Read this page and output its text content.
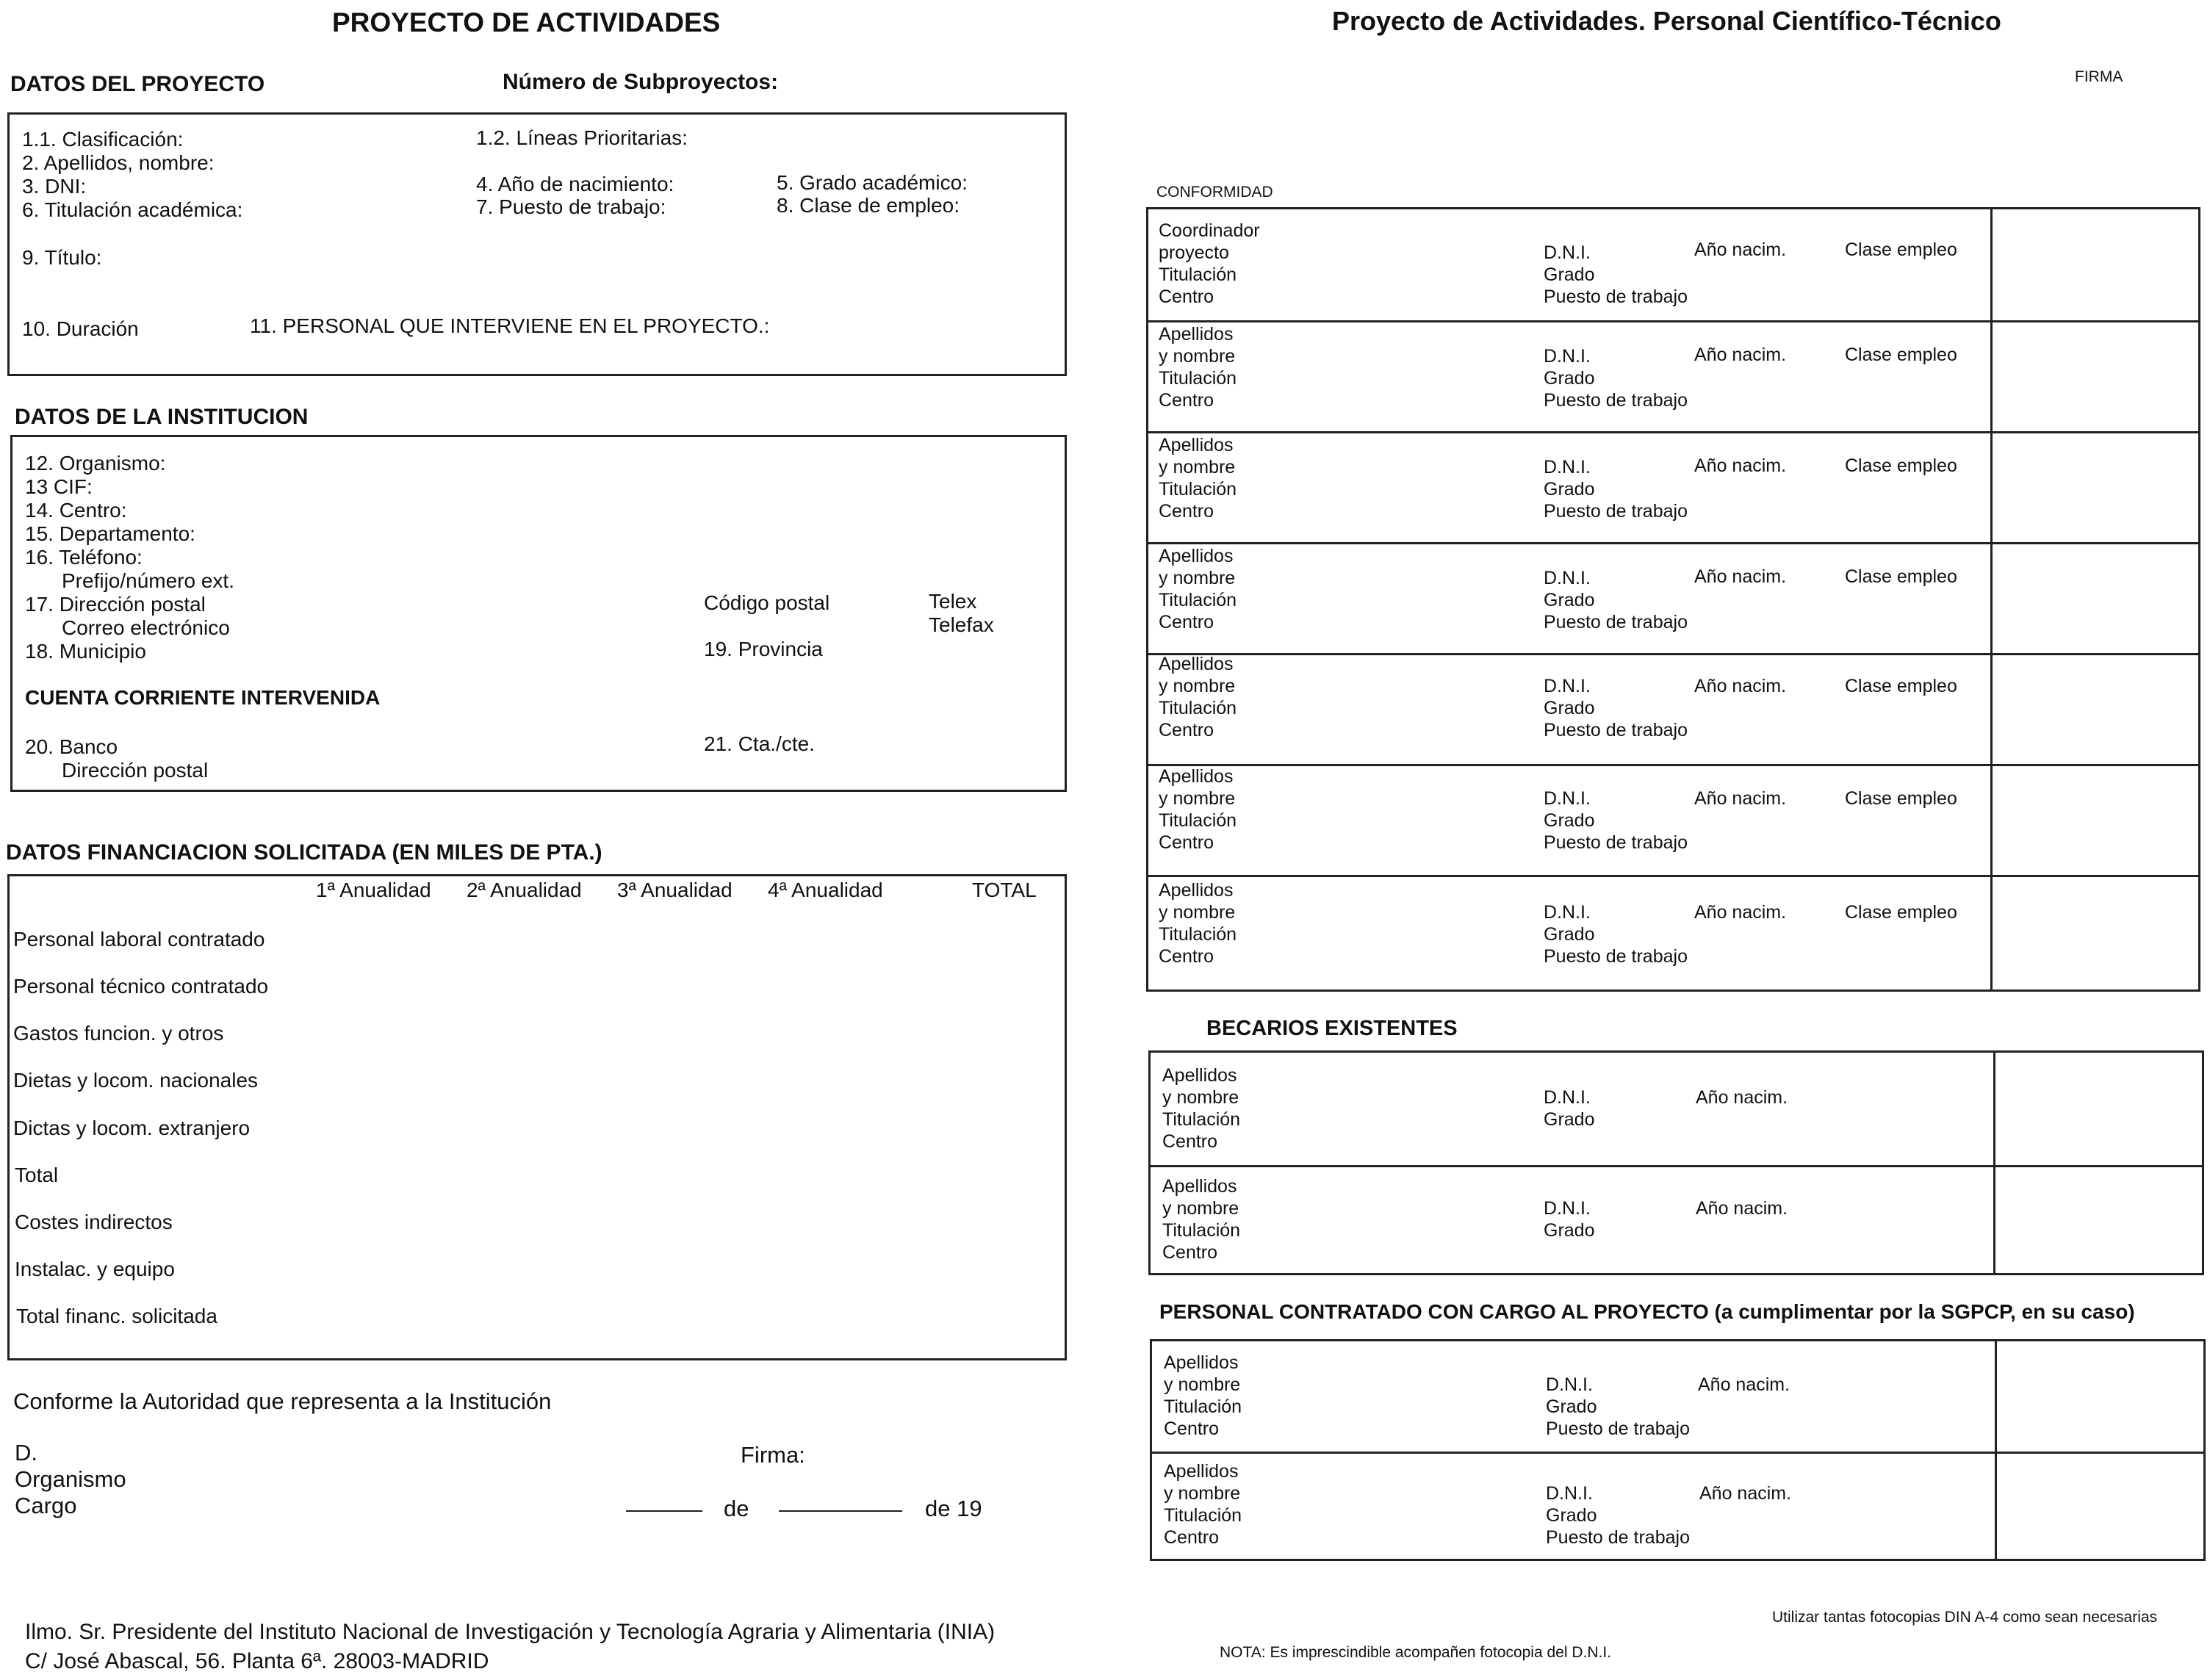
PROYECTO DE ACTIVIDADES
DATOS DEL PROYECTO	Número de Subproyectos:
1.1. Clasificación:	1.2. Líneas Prioritarias:
2. Apellidos, nombre:
3. DNI:	4. Año de nacimiento:	5. Grado académico:
6. Titulación académica:	7. Puesto de trabajo:	8. Clase de empleo:
9. Título:
10. Duración	11. PERSONAL QUE INTERVIENE EN EL PROYECTO.:
DATOS DE LA INSTITUCION
12. Organismo:
13 CIF:
14. Centro:
15. Departamento:
16. Teléfono:
Prefijo/número ext.
17. Dirección postal
Correo electrónico
18. Municipio
Código postal
19. Provincia
Telex
Telefax
CUENTA CORRIENTE INTERVENIDA
20. Banco
Dirección postal
21. Cta./cte.
DATOS FINANCIACION SOLICITADA (EN MILES DE PTA.)
1ª Anualidad 2ª Anualidad 3ª Anualidad 4ª Anualidad	TOTAL
Personal laboral contratado
Personal técnico contratado
Gastos funcion. y otros
Dietas y locom. nacionales
Dictas y locom. extranjero
Total
Costes indirectos
Instalac. y equipo
Total financ. solicitada
Conforme la Autoridad que representa a la Institución
D.
Organismo
Cargo
Firma:
de	de 19
Ilmo. Sr. Presidente del Instituto Nacional de Investigación y Tecnología Agraria y Alimentaria (INIA)
C/ José Abascal, 56. Planta 6ª. 28003-MADRID
Proyecto de Actividades. Personal Científico-Técnico
FIRMA
CONFORMIDAD
Coordinador
proyecto
Titulación
Centro
D.N.I.
Grado
Puesto de trabajo
Año nacim.	Clase empleo
Apellidos
y nombre
Titulación
Centro
D.N.I.
Grado
Puesto de trabajo
Año nacim.	Clase empleo
Apellidos
y nombre
Titulación
Centro
D.N.I.
Grado
Puesto de trabajo
Año nacim.	Clase empleo
Apellidos
y nombre
Titulación
Centro
D.N.I.
Grado
Puesto de trabajo
Año nacim.	Clase empleo
Apellidos
y nombre
Titulación
Centro
D.N.I.
Grado
Puesto de trabajo
Año nacim.	Clase empleo
Apellidos
y nombre
Titulación
Centro
D.N.I.
Grado
Puesto de trabajo
Año nacim.	Clase empleo
Apellidos
y nombre
Titulación
Centro
D.N.I.
Grado
Puesto de trabajo
Año nacim.	Clase empleo
BECARIOS EXISTENTES
Apellidos
y nombre
Titulación
Centro
D.N.I.
Grado
Año nacim.
Apellidos
y nombre
Titulación
Centro
D.N.I.
Grado
Año nacim.
PERSONAL CONTRATADO CON CARGO AL PROYECTO (a cumplimentar por la SGPCP, en su caso)
Apellidos
y nombre
Titulación
Centro
D.N.I.
Grado
Puesto de trabajo
Año nacim.
Apellidos
y nombre
Titulación
Centro
D.N.I.
Grado
Puesto de trabajo
Año nacim.
Utilizar tantas fotocopias DIN A-4 como sean necesarias
NOTA: Es imprescindible acompañen fotocopia del D.N.I.
